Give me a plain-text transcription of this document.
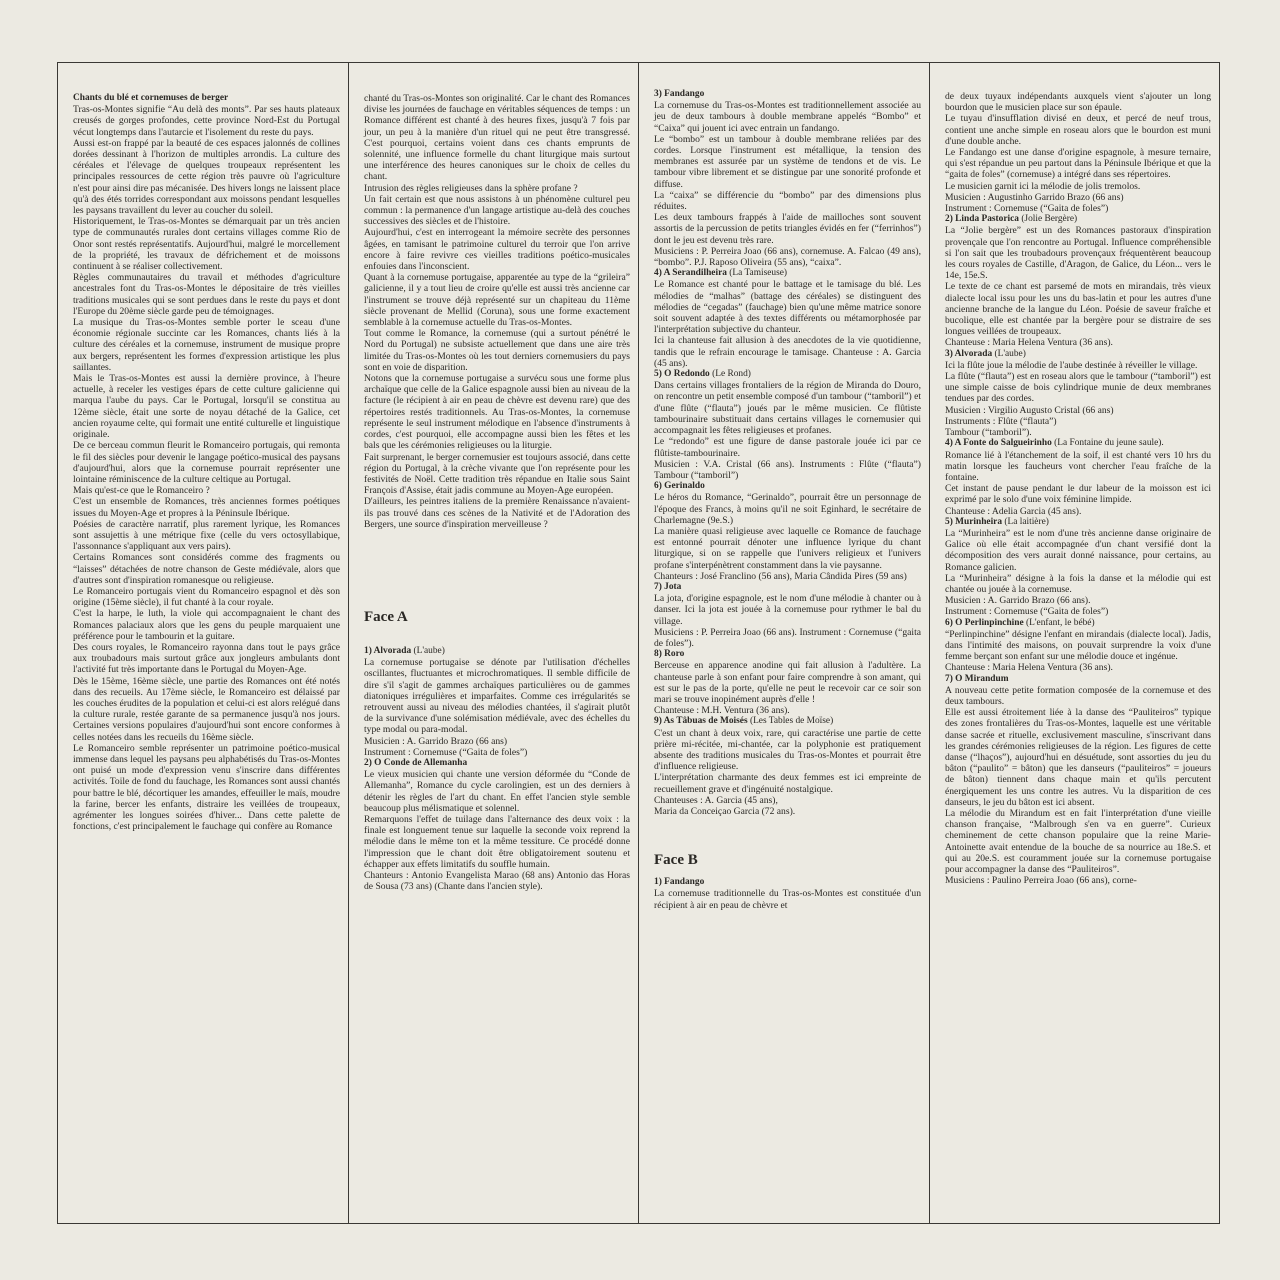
Chants du blé et cornemuses de berger

Tras-os-Montes signifie “Au delà des monts”. Par ses hauts plateaux creusés de gorges profondes, cette province Nord-Est du Portugal vécut longtemps dans l'autarcie et l'isolement du reste du pays.

Aussi est-on frappé par la beauté de ces espaces jalonnés de collines dorées dessinant à l'horizon de multiples arrondis. La culture des céréales et l'élevage de quelques troupeaux représentent les principales ressources de cette région très pauvre où l'agriculture n'est pour ainsi dire pas mécanisée. Des hivers longs ne laissent place qu'à des étés torrides correspondant aux moissons pendant lesquelles les paysans travaillent du lever au coucher du soleil.

Historiquement, le Tras-os-Montes se démarquait par un très ancien type de communautés rurales dont certains villages comme Rio de Onor sont restés représentatifs. Aujourd'hui, malgré le morcellement de la propriété, les travaux de défrichement et de moissons continuent à se réaliser collectivement.

Règles communautaires du travail et méthodes d'agriculture ancestrales font du Tras-os-Montes le dépositaire de très vieilles traditions musicales qui se sont perdues dans le reste du pays et dont l'Europe du 20ème siècle garde peu de témoignages.

La musique du Tras-os-Montes semble porter le sceau d'une économie régionale succinte car les Romances, chants liés à la culture des céréales et la cornemuse, instrument de musique propre aux bergers, représentent les formes d'expression artistique les plus saillantes.

Mais le Tras-os-Montes est aussi la dernière province, à l'heure actuelle, à receler les vestiges épars de cette culture galicienne qui marqua l'aube du pays. Car le Portugal, lorsqu'il se constitua au 12ème siècle, était une sorte de noyau détaché de la Galice, cet ancien royaume celte, qui formait une entité culturelle et linguistique originale.

De ce berceau commun fleurit le Romanceiro portugais, qui remonta le fil des siècles pour devenir le langage poético-musical des paysans d'aujourd'hui, alors que la cornemuse pourrait représenter une lointaine réminiscence de la culture celtique au Portugal.

Mais qu'est-ce que le Romanceiro ?

C'est un ensemble de Romances, très anciennes formes poétiques issues du Moyen-Age et propres à la Péninsule Ibérique.

Poésies de caractère narratif, plus rarement lyrique, les Romances sont assujettis à une métrique fixe (celle du vers octosyllabique, l'assonnance s'appliquant aux vers pairs).

Certains Romances sont considérés comme des fragments ou “laisses” détachées de notre chanson de Geste médiévale, alors que d'autres sont d'inspiration romanesque ou religieuse.

Le Romanceiro portugais vient du Romanceiro espagnol et dès son origine (15ème siècle), il fut chanté à la cour royale.

C'est la harpe, le luth, la viole qui accompagnaient le chant des Romances palaciaux alors que les gens du peuple marquaient une préférence pour le tambourin et la guitare.

Des cours royales, le Romanceiro rayonna dans tout le pays grâce aux troubadours mais surtout grâce aux jongleurs ambulants dont l'activité fut très importante dans le Portugal du Moyen-Age.

Dès le 15ème, 16ème siècle, une partie des Romances ont été notés dans des recueils. Au 17ème siècle, le Romanceiro est délaissé par les couches érudites de la population et celui-ci est alors relégué dans la culture rurale, restée garante de sa permanence jusqu'à nos jours. Certaines versions populaires d'aujourd'hui sont encore conformes à celles notées dans les recueils du 16ème siècle.

Le Romanceiro semble représenter un patrimoine poético-musical immense dans lequel les paysans peu alphabétisés du Tras-os-Montes ont puisé un mode d'expression venu s'inscrire dans différentes activités. Toile de fond du fauchage, les Romances sont aussi chantés pour battre le blé, décortiquer les amandes, effeuiller le maïs, moudre la farine, bercer les enfants, distraire les veillées de troupeaux, agrémenter les longues soirées d'hiver... Dans cette palette de fonctions, c'est principalement le fauchage qui confère au Romance

chanté du Tras-os-Montes son originalité. Car le chant des Romances divise les journées de fauchage en véritables séquences de temps : un Romance différent est chanté à des heures fixes, jusqu'à 7 fois par jour, un peu à la manière d'un rituel qui ne peut être transgressé. C'est pourquoi, certains voient dans ces chants emprunts de solennité, une influence formelle du chant liturgique mais surtout une interférence des heures canoniques sur le choix de celles du chant.

Intrusion des règles religieuses dans la sphère profane ?

Un fait certain est que nous assistons à un phénomène culturel peu commun : la permanence d'un langage artistique au-delà des couches successives des siècles et de l'histoire.

Aujourd'hui, c'est en interrogeant la mémoire secrète des personnes âgées, en tamisant le patrimoine culturel du terroir que l'on arrive encore à faire revivre ces vieilles traditions poético-musicales enfouies dans l'inconscient.

Quant à la cornemuse portugaise, apparentée au type de la “grileira” galicienne, il y a tout lieu de croire qu'elle est aussi très ancienne car l'instrument se trouve déjà représenté sur un chapiteau du 11ème siècle provenant de Mellid (Coruna), sous une forme exactement semblable à la cornemuse actuelle du Tras-os-Montes.

Tout comme le Romance, la cornemuse (qui a surtout pénétré le Nord du Portugal) ne subsiste actuellement que dans une aire très limitée du Tras-os-Montes où les tout derniers cornemusiers du pays sont en voie de disparition.

Notons que la cornemuse portugaise a survécu sous une forme plus archaïque que celle de la Galice espagnole aussi bien au niveau de la facture (le récipient à air en peau de chèvre est devenu rare) que des répertoires restés traditionnels. Au Tras-os-Montes, la cornemuse représente le seul instrument mélodique en l'absence d'instruments à cordes, c'est pourquoi, elle accompagne aussi bien les fêtes et les bals que les cérémonies religieuses ou la liturgie.

Fait surprenant, le berger cornemusier est toujours associé, dans cette région du Portugal, à la crèche vivante que l'on représente pour les festivités de Noël. Cette tradition très répandue en Italie sous Saint François d'Assise, était jadis commune au Moyen-Age européen.

D'ailleurs, les peintres italiens de la première Renaissance n'avaient-ils pas trouvé dans ces scènes de la Nativité et de l'Adoration des Bergers, une source d'inspiration merveilleuse ?

Face A

1) Alvorada (L'aube)

La cornemuse portugaise se dénote par l'utilisation d'échelles oscillantes, fluctuantes et microchromatiques. Il semble difficile de dire s'il s'agit de gammes archaïques particulières ou de gammes diatoniques irrégulières et imparfaites. Comme ces irrégularités se retrouvent aussi au niveau des mélodies chantées, il s'agirait plutôt de la survivance d'une solémisation médiévale, avec des échelles du type modal ou para-modal.

Musicien : A. Garrido Brazo (66 ans)

Instrument : Cornemuse (“Gaita de foles”)

2) O Conde de Allemanha

Le vieux musicien qui chante une version déformée du “Conde de Allemanha”, Romance du cycle carolingien, est un des derniers à détenir les règles de l'art du chant. En effet l'ancien style semble beaucoup plus mélismatique et solennel.

Remarquons l'effet de tuilage dans l'alternance des deux voix : la finale est longuement tenue sur laquelle la seconde voix reprend la mélodie dans le même ton et la même tessiture. Ce procédé donne l'impression que le chant doit être obligatoirement soutenu et échapper aux effets limitatifs du souffle humain.

Chanteurs : Antonio Evangelista Marao (68 ans) Antonio das Horas de Sousa (73 ans) (Chante dans l'ancien style).

3) Fandango

La cornemuse du Tras-os-Montes est traditionnellement associée au jeu de deux tambours à double membrane appelés “Bombo” et “Caixa” qui jouent ici avec entrain un fandango.

Le “bombo” est un tambour à double membrane reliées par des cordes. Lorsque l'instrument est métallique, la tension des membranes est assurée par un système de tendons et de vis. Le tambour vibre librement et se distingue par une sonorité profonde et diffuse.

La “caixa” se différencie du “bombo” par des dimensions plus réduites.

Les deux tambours frappés à l'aide de mailloches sont souvent assortis de la percussion de petits triangles évidés en fer (“ferrinhos”) dont le jeu est devenu très rare.

Musiciens : P. Perreira Joao (66 ans), cornemuse. A. Falcao (49 ans), “bombo”. P.J. Raposo Oliveira (55 ans), “caixa”.

4) A Serandilheira (La Tamiseuse)

Le Romance est chanté pour le battage et le tamisage du blé. Les mélodies de “malhas” (battage des céréales) se distinguent des mélodies de “cegadas” (fauchage) bien qu'une même matrice sonore soit souvent adaptée à des textes différents ou métamorphosée par l'interprétation subjective du chanteur.

Ici la chanteuse fait allusion à des anecdotes de la vie quotidienne, tandis que le refrain encourage le tamisage. Chanteuse : A. Garcia (45 ans).

5) O Redondo (Le Rond)

Dans certains villages frontaliers de la région de Miranda do Douro, on rencontre un petit ensemble composé d'un tambour (“tamboril”) et d'une flûte (“flauta”) joués par le même musicien. Ce flûtiste tambourinaire substituait dans certains villages le cornemusier qui accompagnait les fêtes religieuses et profanes.

Le “redondo” est une figure de danse pastorale jouée ici par ce flûtiste-tambourinaire.

Musicien : V.A. Cristal (66 ans). Instruments : Flûte (“flauta”) Tambour (“tamboril”)

6) Gerinaldo

Le héros du Romance, “Gerinaldo”, pourrait être un personnage de l'époque des Francs, à moins qu'il ne soit Eginhard, le secrétaire de Charlemagne (9e.S.)

La manière quasi religieuse avec laquelle ce Romance de fauchage est entonné pourrait dénoter une influence lyrique du chant liturgique, si on se rappelle que l'univers religieux et l'univers profane s'interpénètrent constamment dans la vie paysanne.

Chanteurs : José Franclino (56 ans), Maria Cândida Pires (59 ans)

7) Jota

La jota, d'origine espagnole, est le nom d'une mélodie à chanter ou à danser. Ici la jota est jouée à la cornemuse pour rythmer le bal du village.

Musiciens : P. Perreira Joao (66 ans). Instrument : Cornemuse (“gaita de foles”).

8) Roro

Berceuse en apparence anodine qui fait allusion à l'adultère. La chanteuse parle à son enfant pour faire comprendre à son amant, qui est sur le pas de la porte, qu'elle ne peut le recevoir car ce soir son mari se trouve inopinément auprès d'elle !

Chanteuse : M.H. Ventura (36 ans).

9) As Tâbuas de Moisés (Les Tables de Moïse)

C'est un chant à deux voix, rare, qui caractérise une partie de cette prière mi-récitée, mi-chantée, car la polyphonie est pratiquement absente des traditions musicales du Tras-os-Montes et pourrait être d'influence religieuse.

L'interprétation charmante des deux femmes est ici empreinte de recueillement grave et d'ingénuité nostalgique.

Chanteuses : A. Garcia (45 ans),

Maria da Conceiçao Garcia (72 ans).

Face B

1) Fandango

La cornemuse traditionnelle du Tras-os-Montes est constituée d'un récipient à air en peau de chèvre et

de deux tuyaux indépendants auxquels vient s'ajouter un long bourdon que le musicien place sur son épaule.

Le tuyau d'insufflation divisé en deux, et percé de neuf trous, contient une anche simple en roseau alors que le bourdon est muni d'une double anche.

Le Fandango est une danse d'origine espagnole, à mesure ternaire, qui s'est répandue un peu partout dans la Péninsule Ibérique et que la “gaita de foles” (cornemuse) a intégré dans ses répertoires.

Le musicien garnit ici la mélodie de jolis tremolos.

Musicien : Augustinho Garrido Brazo (66 ans)

Instrument : Cornemuse (“Gaita de foles”)

2) Linda Pastorica (Jolie Bergère)

La “Jolie bergère” est un des Romances pastoraux d'inspiration provençale que l'on rencontre au Portugal. Influence compréhensible si l'on sait que les troubadours provençaux fréquentèrent beaucoup les cours royales de Castille, d'Aragon, de Galice, du Léon... vers le 14e, 15e.S.

Le texte de ce chant est parsemé de mots en mirandais, très vieux dialecte local issu pour les uns du bas-latin et pour les autres d'une ancienne branche de la langue du Léon. Poésie de saveur fraîche et bucolique, elle est chantée par la bergère pour se distraire de ses longues veillées de troupeaux.

Chanteuse : Maria Helena Ventura (36 ans).

3) Alvorada (L'aube)

Ici la flûte joue la mélodie de l'aube destinée à réveiller le village.

La flûte (“flauta”) est en roseau alors que le tambour (“tamboril”) est une simple caisse de bois cylindrique munie de deux membranes tendues par des cordes.

Musicien : Virgilio Augusto Cristal (66 ans)

Instruments : Flûte (“flauta”)

Tambour (“tamboril”).

4) A Fonte do Salgueirinho (La Fontaine du jeune saule).

Romance lié à l'étanchement de la soif, il est chanté vers 10 hrs du matin lorsque les faucheurs vont chercher l'eau fraîche de la fontaine.

Cet instant de pause pendant le dur labeur de la moisson est ici exprimé par le solo d'une voix féminine limpide.

Chanteuse : Adelia Garcia (45 ans).

5) Murinheira (La laitière)

La “Murinheira” est le nom d'une très ancienne danse originaire de Galice où elle était accompagnée d'un chant versifié dont la décomposition des vers aurait donné naissance, pour certains, au Romance galicien.

La “Murinheira” désigne à la fois la danse et la mélodie qui est chantée ou jouée à la cornemuse.

Musicien : A. Garrido Brazo (66 ans).

Instrument : Cornemuse (“Gaita de foles”)

6) O Perlinpinchine (L'enfant, le bébé)

“Perlinpinchine” désigne l'enfant en mirandais (dialecte local). Jadis, dans l'intimité des maisons, on pouvait surprendre la voix d'une femme berçant son enfant sur une mélodie douce et ingénue.

Chanteuse : Maria Helena Ventura (36 ans).

7) O Mirandum

A nouveau cette petite formation composée de la cornemuse et des deux tambours.

Elle est aussi étroitement liée à la danse des “Pauliteiros” typique des zones frontalières du Tras-os-Montes, laquelle est une véritable danse sacrée et rituelle, exclusivement masculine, s'inscrivant dans les grandes cérémonies religieuses de la région. Les figures de cette danse (“lhaços”), aujourd'hui en désuétude, sont assorties du jeu du bâton (“paulito” = bâton) que les danseurs (“pauliteiros” = joueurs de bâton) tiennent dans chaque main et qu'ils percutent énergiquement les uns contre les autres. Vu la disparition de ces danseurs, le jeu du bâton est ici absent.

La mélodie du Mirandum est en fait l'interprétation d'une vieille chanson française, “Malbrough s'en va en guerre”. Curieux cheminement de cette chanson populaire que la reine Marie-Antoinette avait entendue de la bouche de sa nourrice au 18e.S. et qui au 20e.S. est couramment jouée sur la cornemuse portugaise pour accompagner la danse des “Pauliteiros”.

Musiciens : Paulino Perreira Joao (66 ans), corne-
